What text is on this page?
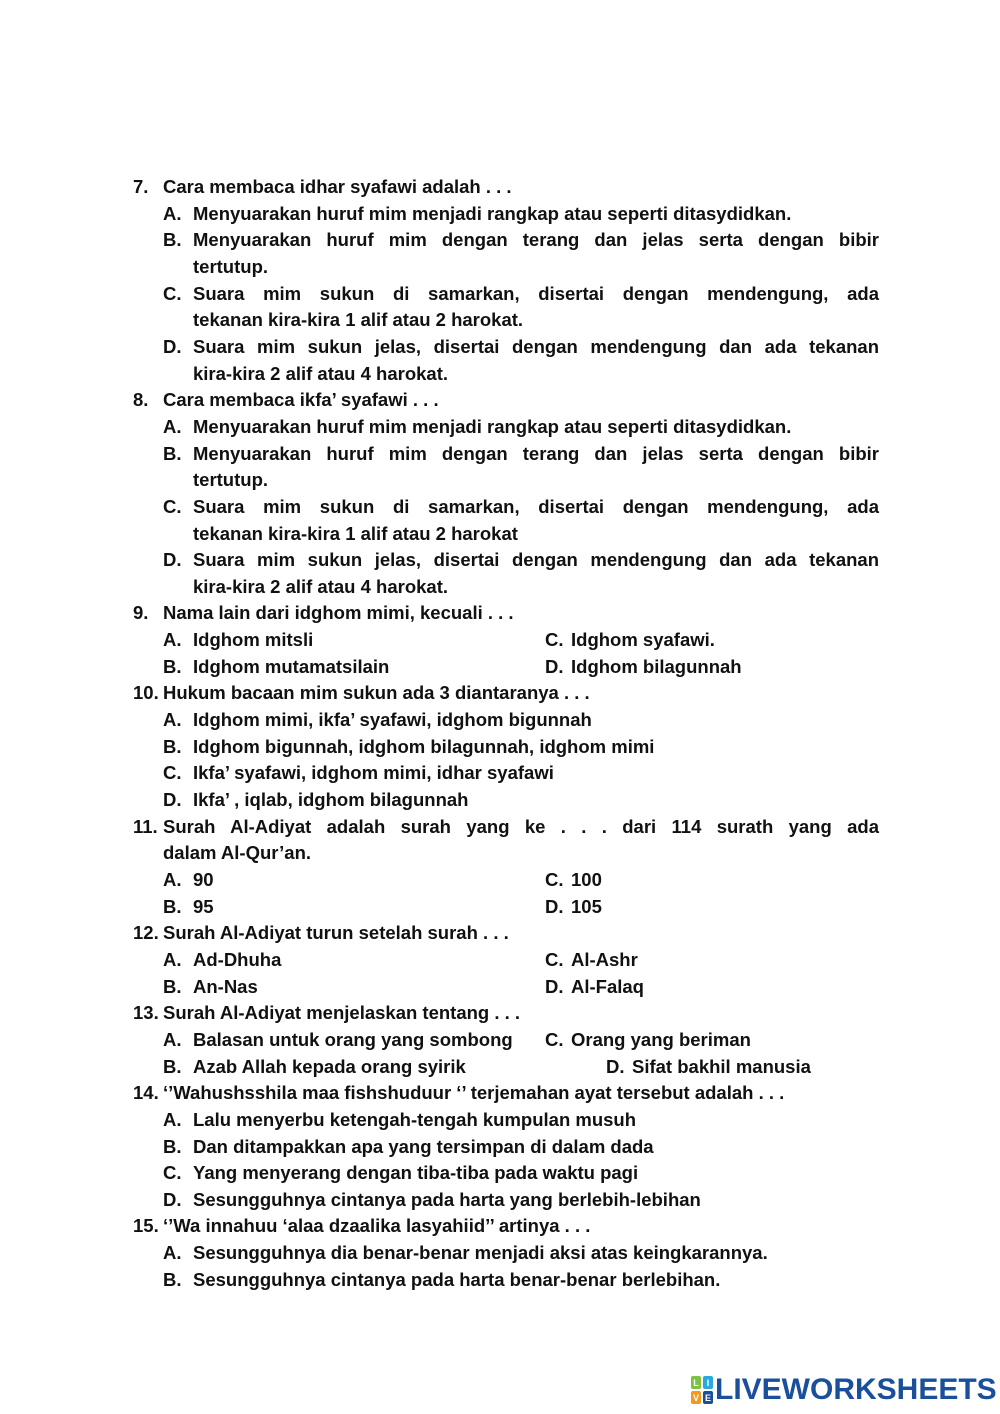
7. Cara membaca idhar syafawi adalah . . .
A. Menyuarakan huruf mim menjadi rangkap atau seperti ditasydidkan.
B. Menyuarakan huruf mim dengan terang dan jelas serta dengan bibir
tertutup.
C. Suara mim sukun di samarkan, disertai dengan mendengung, ada
tekanan kira-kira 1 alif atau 2 harokat.
D. Suara mim sukun jelas, disertai dengan mendengung dan ada tekanan
kira-kira 2 alif atau 4 harokat.
8. Cara membaca ikfa’ syafawi . . .
A. Menyuarakan huruf mim menjadi rangkap atau seperti ditasydidkan.
B. Menyuarakan huruf mim dengan terang dan jelas serta dengan bibir
tertutup.
C. Suara mim sukun di samarkan, disertai dengan mendengung, ada
tekanan kira-kira 1 alif atau 2 harokat
D. Suara mim sukun jelas, disertai dengan mendengung dan ada tekanan
kira-kira 2 alif atau 4 harokat.
9. Nama lain dari idghom mimi, kecuali . . .
A. Idghom mitsli	C. Idghom syafawi.
B. Idghom mutamatsilain	D. Idghom bilagunnah
10. Hukum bacaan mim sukun ada 3 diantaranya . . .
A. Idghom mimi, ikfa’ syafawi, idghom bigunnah
B. Idghom bigunnah, idghom bilagunnah, idghom mimi
C. Ikfa’ syafawi, idghom mimi, idhar syafawi
D. Ikfa’ , iqlab, idghom bilagunnah
11. Surah Al-Adiyat adalah surah yang ke . . . dari 114 surath yang ada
dalam Al-Qur’an.
A. 90	C. 100
B. 95	D. 105
12. Surah Al-Adiyat turun setelah surah . . .
A. Ad-Dhuha	C. Al-Ashr
B. An-Nas	D. Al-Falaq
13. Surah Al-Adiyat menjelaskan tentang . . .
A. Balasan untuk orang yang sombong C. Orang yang beriman
B. Azab Allah kepada orang syirik	D. Sifat bakhil manusia
14. ‘’Wahushsshila maa fishshuduur ‘’ terjemahan ayat tersebut adalah . . .
A. Lalu menyerbu ketengah-tengah kumpulan musuh
B. Dan ditampakkan apa yang tersimpan di dalam dada
C. Yang menyerang dengan tiba-tiba pada waktu pagi
D. Sesungguhnya cintanya pada harta yang berlebih-lebihan
15. ‘’Wa innahuu ‘alaa dzaalika lasyahiid’’ artinya . . .
A. Sesungguhnya dia benar-benar menjadi aksi atas keingkarannya.
B. Sesungguhnya cintanya pada harta benar-benar berlebihan.
L I
V E LIVEWORKSHEETS
